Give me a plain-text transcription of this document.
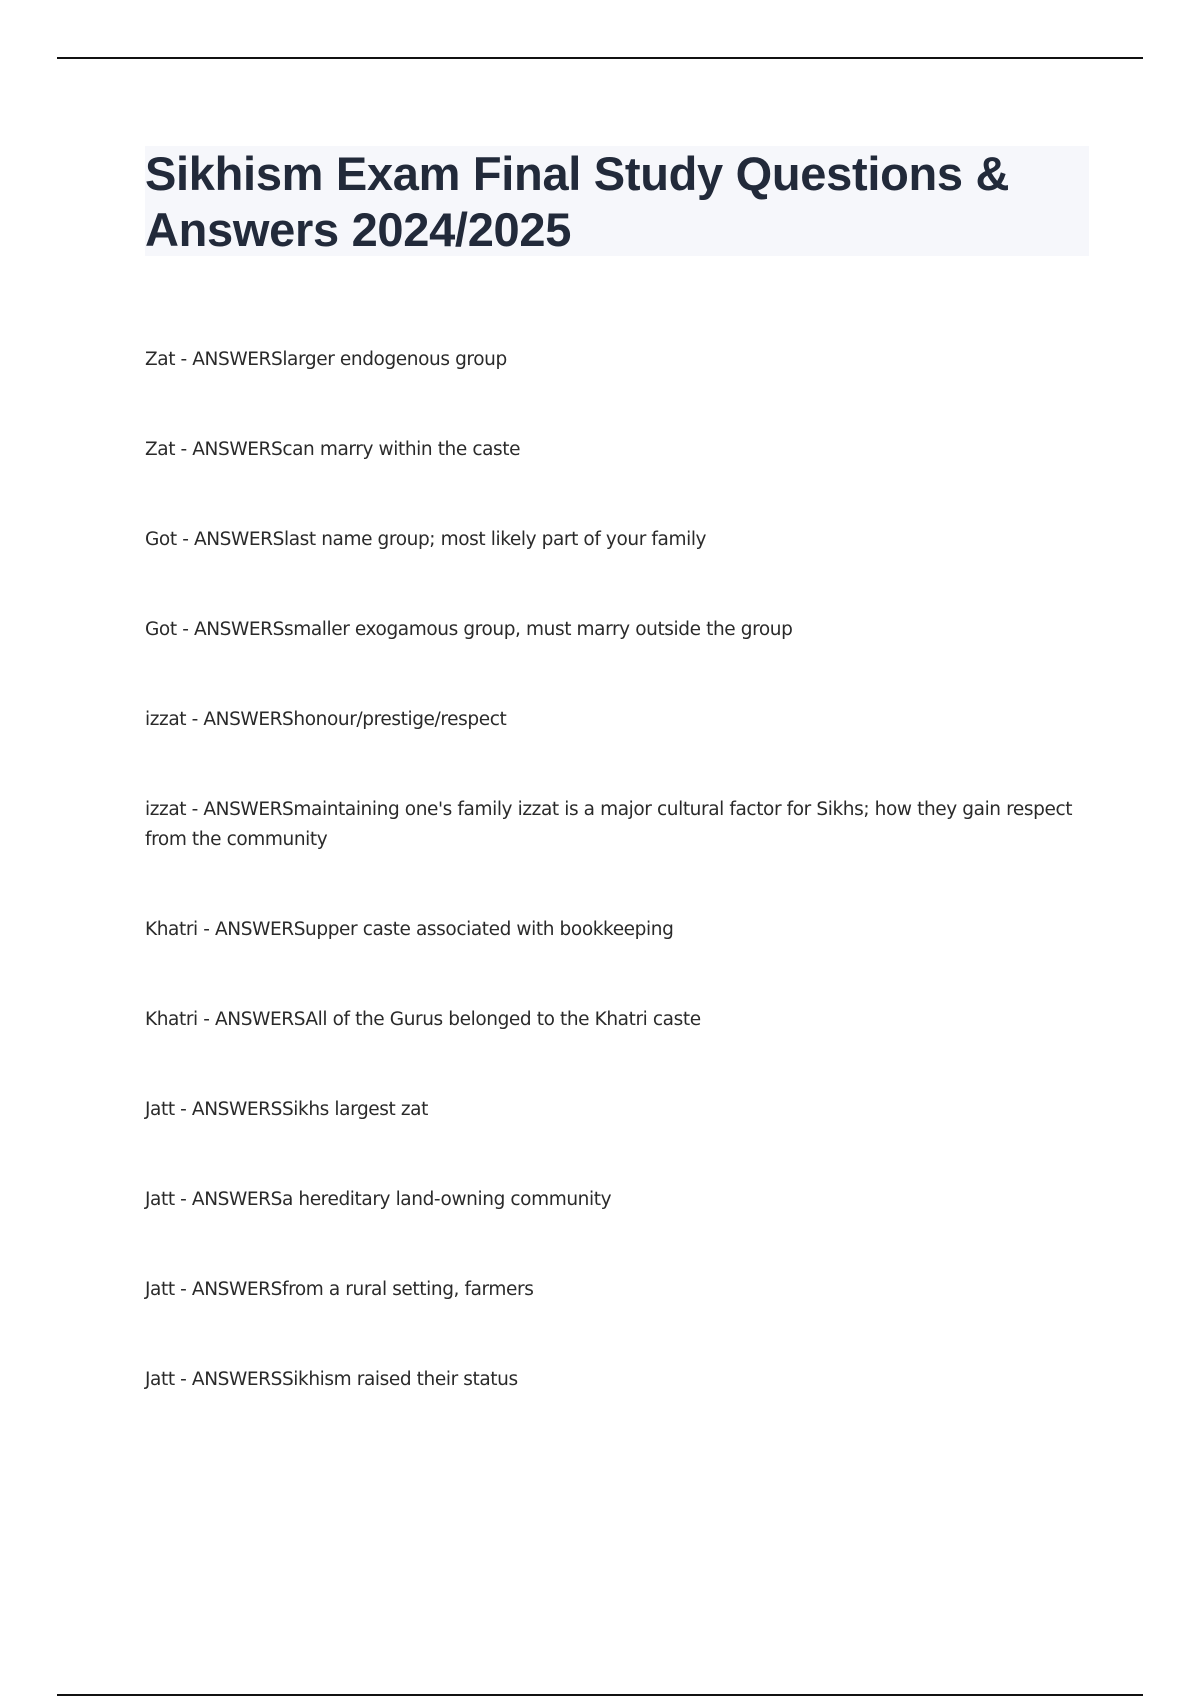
Sikhism Exam Final Study Questions & Answers 2024/2025
Zat - ANSWERSlarger endogenous group
Zat - ANSWERScan marry within the caste
Got - ANSWERSlast name group; most likely part of your family
Got - ANSWERSsmaller exogamous group, must marry outside the group
izzat - ANSWERShonour/prestige/respect
izzat - ANSWERSmaintaining one's family izzat is a major cultural factor for Sikhs; how they gain respect from the community
Khatri - ANSWERSupper caste associated with bookkeeping
Khatri - ANSWERSAll of the Gurus belonged to the Khatri caste
Jatt - ANSWERSSikhs largest zat
Jatt - ANSWERSa hereditary land-owning community
Jatt - ANSWERSfrom a rural setting, farmers
Jatt - ANSWERSSikhism raised their status
